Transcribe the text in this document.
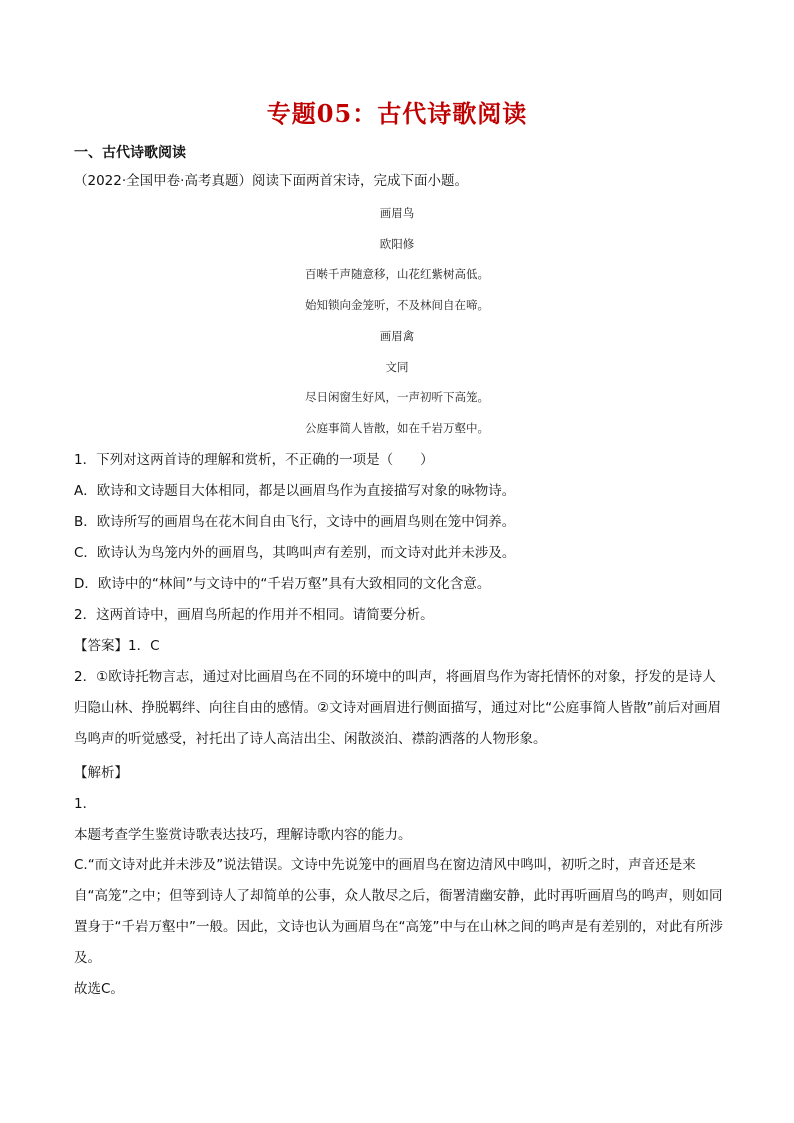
专题05：古代诗歌阅读
一、古代诗歌阅读
（2022·全国甲卷·高考真题）阅读下面两首宋诗，完成下面小题。
画眉鸟
欧阳修
百啭千声随意移，山花红紫树高低。
始知锁向金笼听，不及林间自在啼。
画眉禽
文同
尽日闲窗生好风，一声初听下高笼。
公庭事简人皆散，如在千岩万壑中。
1．下列对这两首诗的理解和赏析，不正确的一项是（　　）
A．欧诗和文诗题目大体相同，都是以画眉鸟作为直接描写对象的咏物诗。
B．欧诗所写的画眉鸟在花木间自由飞行，文诗中的画眉鸟则在笼中饲养。
C．欧诗认为鸟笼内外的画眉鸟，其鸣叫声有差别，而文诗对此并未涉及。
D．欧诗中的“林间”与文诗中的“千岩万壑”具有大致相同的文化含意。
2．这两首诗中，画眉鸟所起的作用并不相同。请简要分析。
【答案】1．C
2．①欧诗托物言志，通过对比画眉鸟在不同的环境中的叫声，将画眉鸟作为寄托情怀的对象，抒发的是诗人归隐山林、挣脱羁绊、向往自由的感情。②文诗对画眉进行侧面描写，通过对比“公庭事简人皆散”前后对画眉鸟鸣声的听觉感受，衬托出了诗人高洁出尘、闲散淡泊、襟韵洒落的人物形象。
【解析】
1．
本题考查学生鉴赏诗歌表达技巧，理解诗歌内容的能力。
C.“而文诗对此并未涉及”说法错误。文诗中先说笼中的画眉鸟在窗边清风中鸣叫，初听之时，声音还是来自“高笼”之中；但等到诗人了却简单的公事，众人散尽之后，衙署清幽安静，此时再听画眉鸟的鸣声，则如同置身于“千岩万壑中”一般。因此，文诗也认为画眉鸟在“高笼”中与在山林之间的鸣声是有差别的，对此有所涉及。
故选C。
